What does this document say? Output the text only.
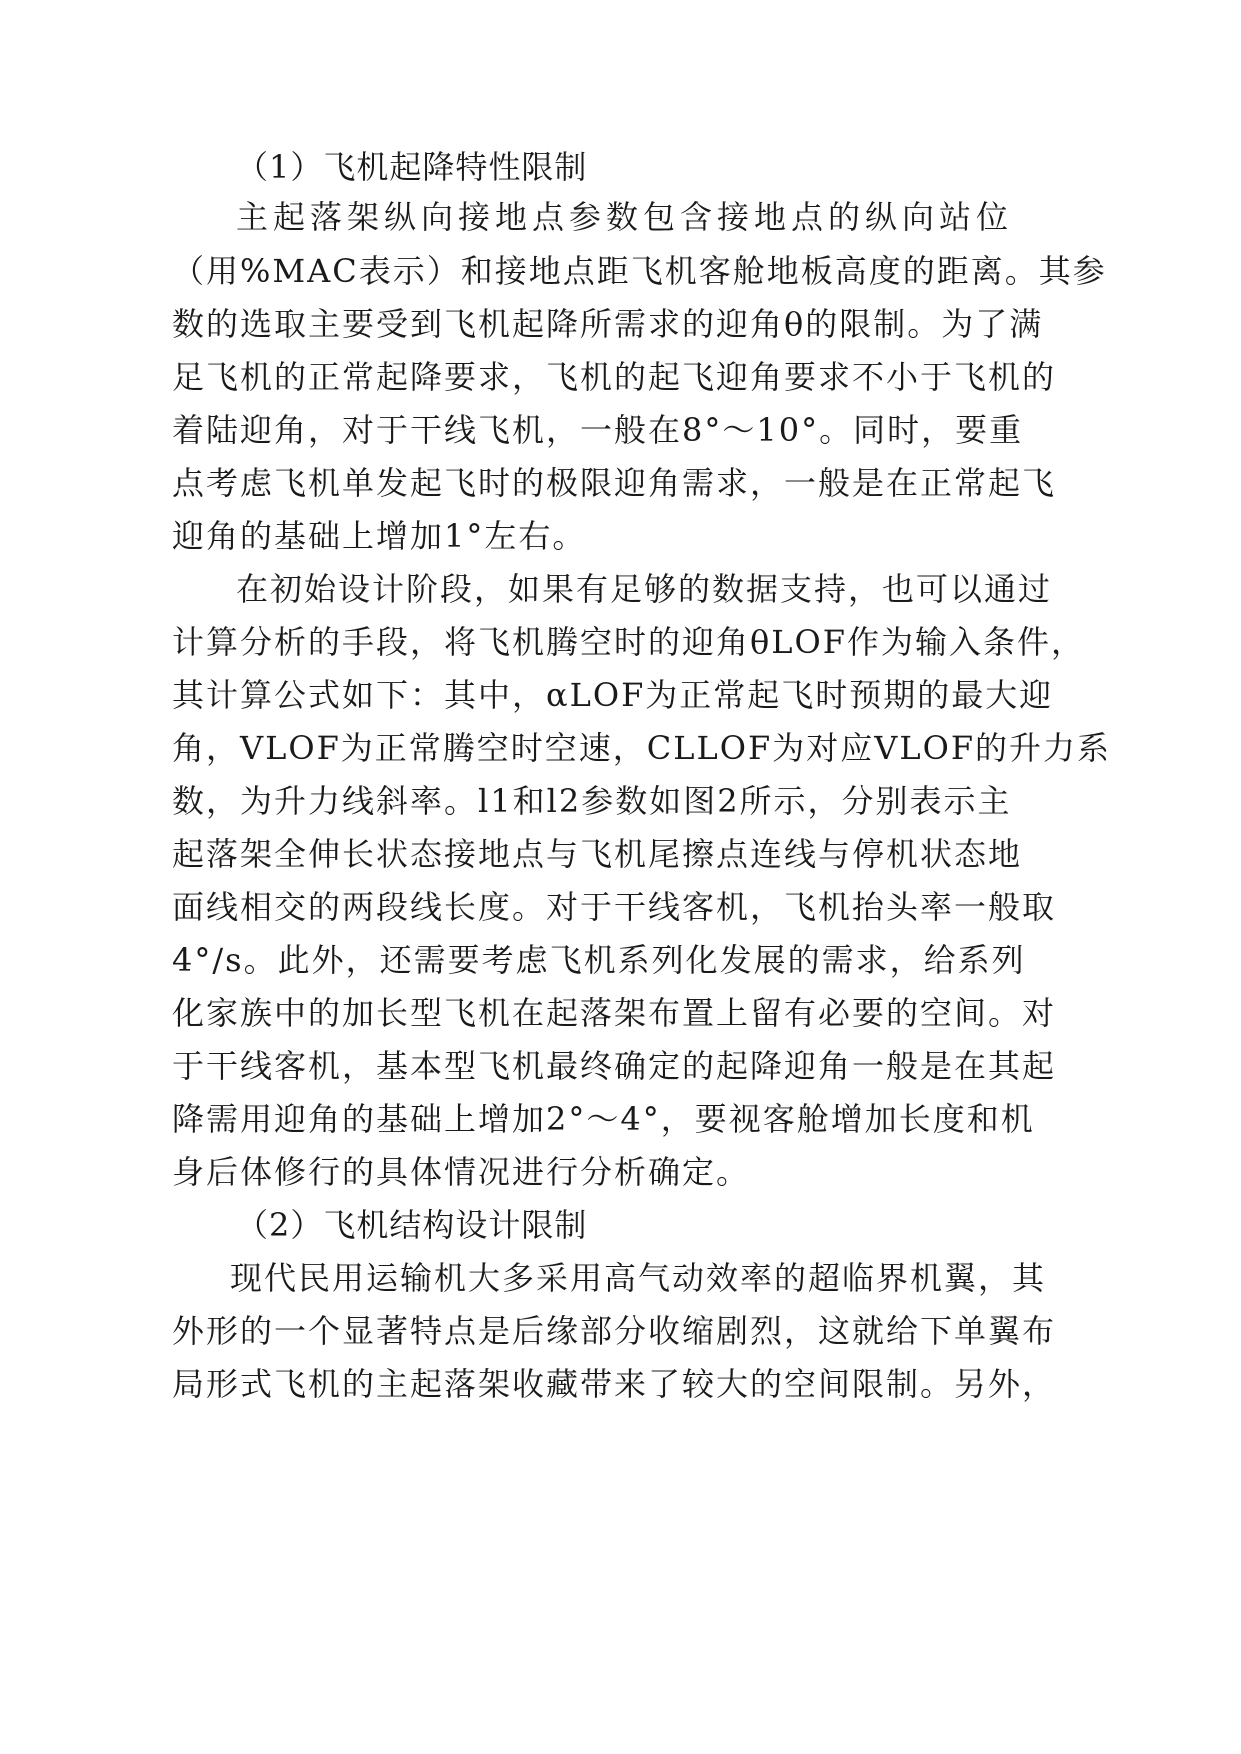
（1）飞机起降特性限制
主起落架纵向接地点参数包含接地点的纵向站位
（用%MAC表示）和接地点距飞机客舱地板高度的距离。其参
数的选取主要受到飞机起降所需求的迎角θ的限制。为了满
足飞机的正常起降要求，飞机的起飞迎角要求不小于飞机的
着陆迎角，对于干线飞机，一般在8°～10°。同时，要重
点考虑飞机单发起飞时的极限迎角需求，一般是在正常起飞
迎角的基础上增加1°左右。
在初始设计阶段，如果有足够的数据支持，也可以通过
计算分析的手段，将飞机腾空时的迎角θLOF作为输入条件，
其计算公式如下：其中，αLOF为正常起飞时预期的最大迎
角，VLOF为正常腾空时空速，CLLOF为对应VLOF的升力系
数，为升力线斜率。l1和l2参数如图2所示，分别表示主
起落架全伸长状态接地点与飞机尾擦点连线与停机状态地
面线相交的两段线长度。对于干线客机，飞机抬头率一般取
4°/s。此外，还需要考虑飞机系列化发展的需求，给系列
化家族中的加长型飞机在起落架布置上留有必要的空间。对
于干线客机，基本型飞机最终确定的起降迎角一般是在其起
降需用迎角的基础上增加2°～4°，要视客舱增加长度和机
身后体修行的具体情况进行分析确定。
（2）飞机结构设计限制
现代民用运输机大多采用高气动效率的超临界机翼，其
外形的一个显著特点是后缘部分收缩剧烈，这就给下单翼布
局形式飞机的主起落架收藏带来了较大的空间限制。另外，
